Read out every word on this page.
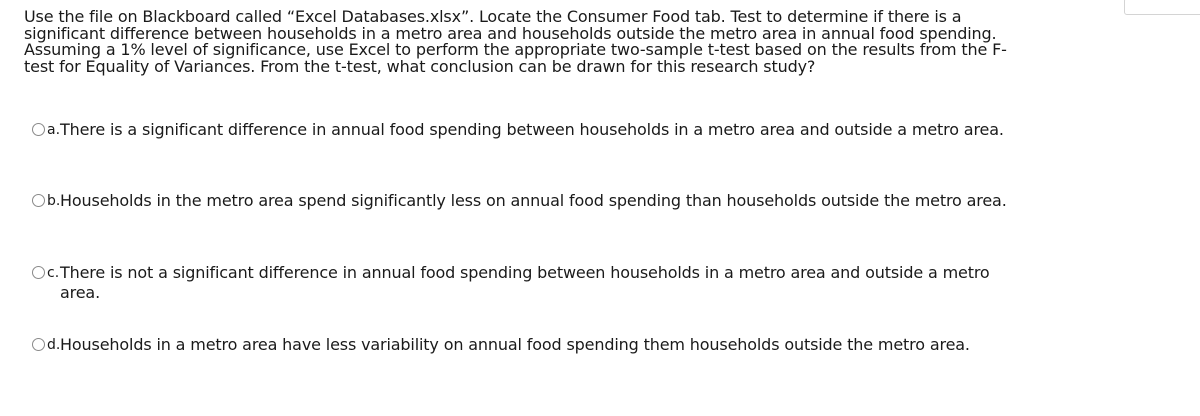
Use the file on Blackboard called “Excel Databases.xlsx”. Locate the Consumer Food tab. Test to determine if there is a significant difference between households in a metro area and households outside the metro area in annual food spending. Assuming a 1% level of significance, use Excel to perform the appropriate two-sample t-test based on the results from the F-test for Equality of Variances. From the t-test, what conclusion can be drawn for this research study?

a. There is a significant difference in annual food spending between households in a metro area and outside a metro area.
b. Households in the metro area spend significantly less on annual food spending than households outside the metro area.
c. There is not a significant difference in annual food spending between households in a metro area and outside a metro area.
d. Households in a metro area have less variability on annual food spending them households outside the metro area.
